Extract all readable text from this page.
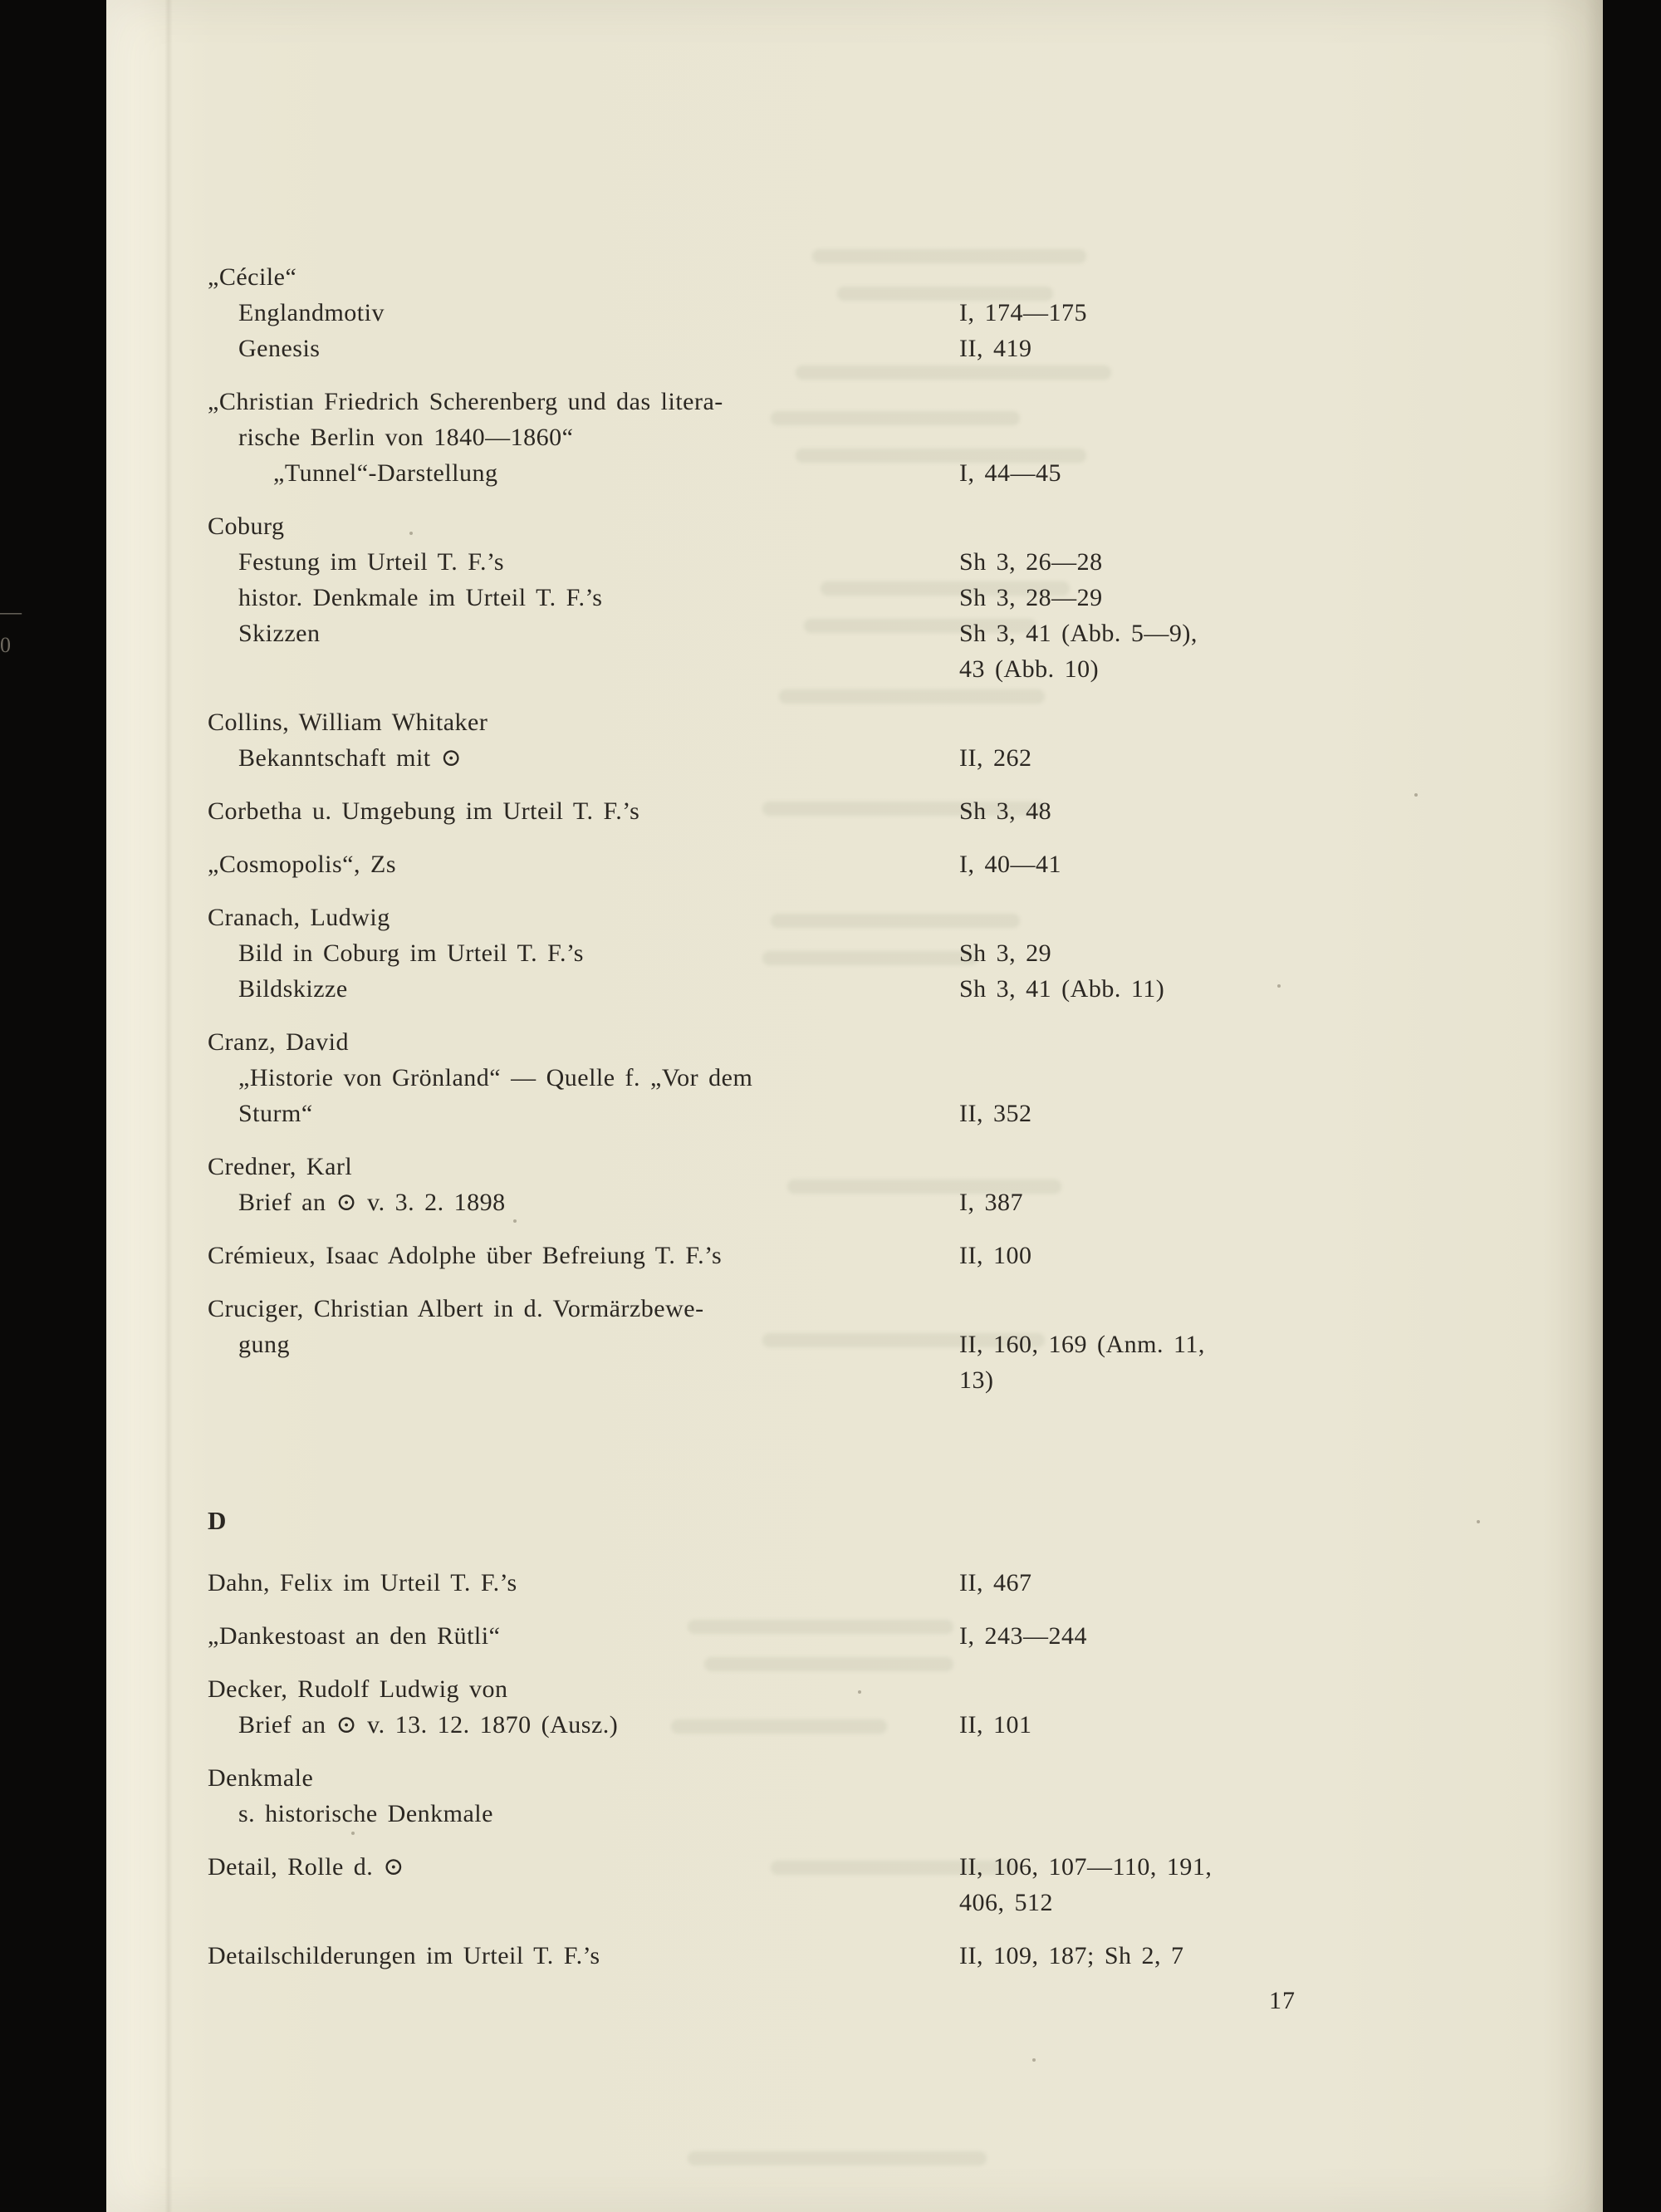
—
0
„Cécile“
Englandmotiv	I, 174—175
Genesis	II, 419
„Christian Friedrich Scherenberg und das litera-
rische Berlin von 1840—1860“
„Tunnel“-Darstellung	I, 44—45
Coburg
Festung im Urteil T. F.’s	Sh 3, 26—28
histor. Denkmale im Urteil T. F.’s	Sh 3, 28—29
Skizzen	Sh 3, 41 (Abb. 5—9),
43 (Abb. 10)
Collins, William Whitaker
Bekanntschaft mit ⊙	II, 262
Corbetha u. Umgebung im Urteil T. F.’s	Sh 3, 48
„Cosmopolis“, Zs	I, 40—41
Cranach, Ludwig
Bild in Coburg im Urteil T. F.’s	Sh 3, 29
Bildskizze	Sh 3, 41 (Abb. 11)
Cranz, David
„Historie von Grönland“ — Quelle f. „Vor dem
Sturm“	II, 352
Credner, Karl
Brief an ⊙ v. 3. 2. 1898	I, 387
Crémieux, Isaac Adolphe über Befreiung T. F.’s	II, 100
Cruciger, Christian Albert in d. Vormärzbewe-
gung	II, 160, 169 (Anm. 11,
13)
D
Dahn, Felix im Urteil T. F.’s	II, 467
„Dankestoast an den Rütli“	I, 243—244
Decker, Rudolf Ludwig von
Brief an ⊙ v. 13. 12. 1870 (Ausz.)	II, 101
Denkmale
s. historische Denkmale
Detail, Rolle d. ⊙	II, 106, 107—110, 191,
406, 512
Detailschilderungen im Urteil T. F.’s	II, 109, 187; Sh 2, 7
17
